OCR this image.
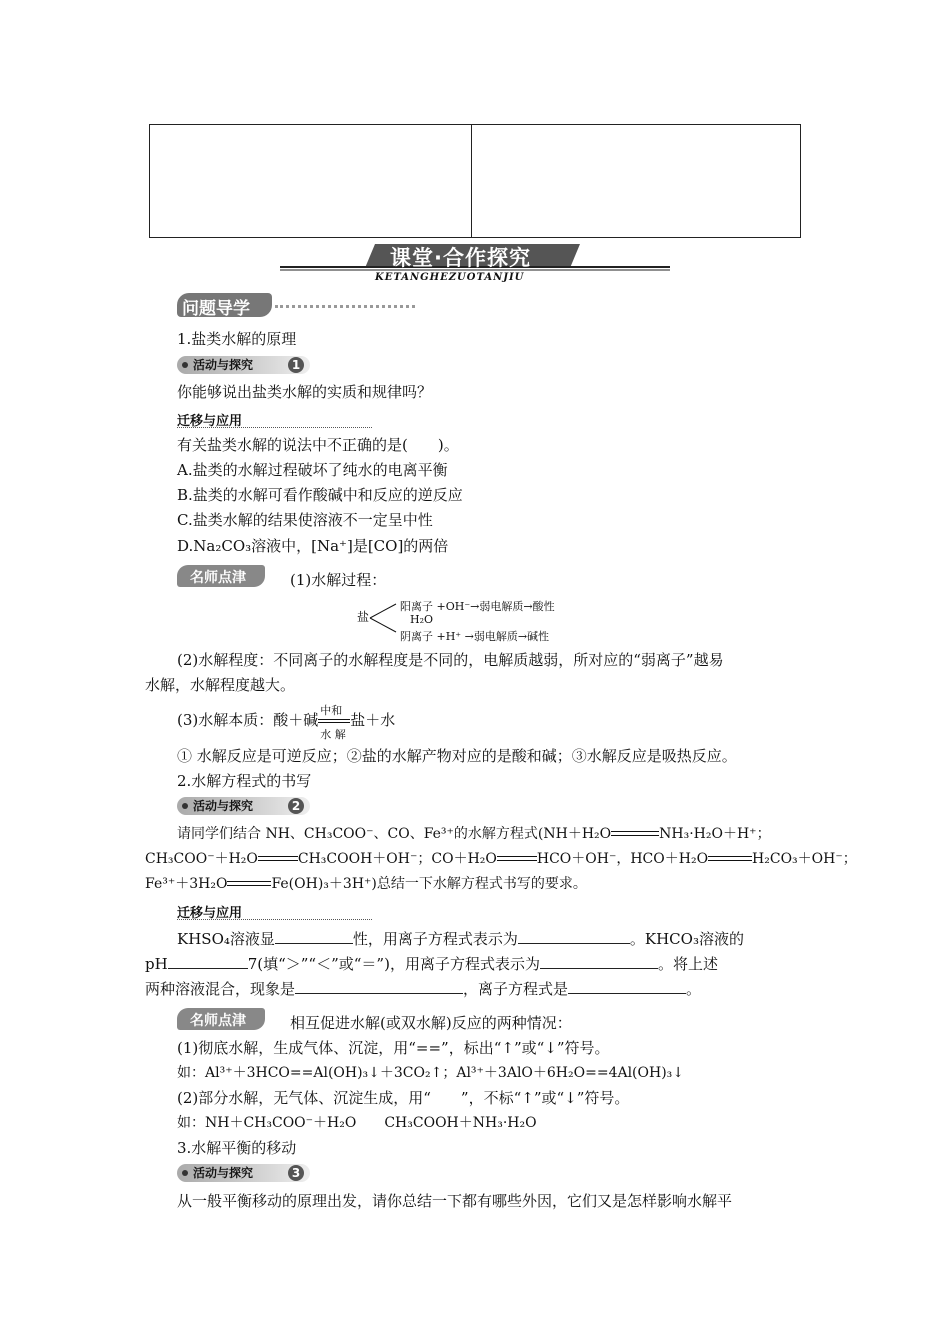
课堂·合作探究
KETANGHEZUOTANJIU
问题导学
1.盐类水解的原理
活动与探究	1
你能够说出盐类水解的实质和规律吗？
迁移与应用
有关盐类水解的说法中不正确的是(　　)。
A.盐类的水解过程破坏了纯水的电离平衡
B.盐类的水解可看作酸碱中和反应的逆反应
C.盐类水解的结果使溶液不一定呈中性
D.Na₂CO₃溶液中，[Na⁺]是[CO]的两倍
名师点津	(1)水解过程：
盐
阳离子 +OH⁻→弱电解质→酸性
H₂O
阴离子 +H⁺ →弱电解质→碱性
(2)水解程度：不同离子的水解程度是不同的，电解质越弱，所对应的“弱离子”越易
水解，水解程度越大。
(3)水解本质：酸＋碱
中和
水 解
盐＋水
① 水解反应是可逆反应；②盐的水解产物对应的是酸和碱；③水解反应是吸热反应。
2.水解方程式的书写
活动与探究	2
请同学们结合 NH、CH₃COO⁻、CO、Fe³⁺的水解方程式(NH＋H₂O	NH₃·H₂O＋H⁺；
CH₃COO⁻＋H₂O	CH₃COOH＋OH⁻；CO＋H₂O	HCO＋OH⁻，HCO＋H₂O	H₂CO₃＋OH⁻；
Fe³⁺＋3H₂O	Fe(OH)₃＋3H⁺)总结一下水解方程式书写的要求。
迁移与应用
KHSO₄溶液显	性，用离子方程式表示为	。KHCO₃溶液的
pH	7(填“＞”“＜”或“＝”)，用离子方程式表示为	。将上述
两种溶液混合，现象是	，离子方程式是	。
名师点津	相互促进水解(或双水解)反应的两种情况：
(1)彻底水解，生成气体、沉淀，用“==”，标出“↑”或“↓”符号。
如：Al³⁺＋3HCO==Al(OH)₃↓＋3CO₂↑；Al³⁺＋3AlO＋6H₂O==4Al(OH)₃↓
(2)部分水解，无气体、沉淀生成，用“　　”，不标“↑”或“↓”符号。
如：NH＋CH₃COO⁻＋H₂O　　CH₃COOH＋NH₃·H₂O
3.水解平衡的移动
活动与探究	3
从一般平衡移动的原理出发，请你总结一下都有哪些外因，它们又是怎样影响水解平
